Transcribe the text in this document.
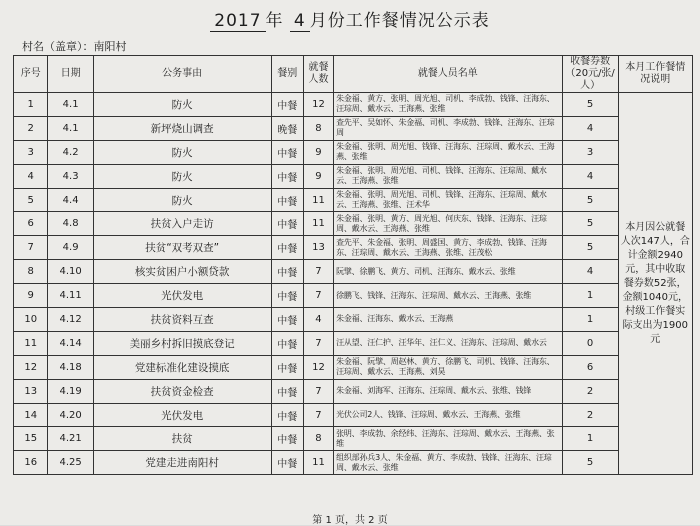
2017 年 4 月份工作餐情况公示表
村名（盖章）：南阳村
序号	日期	公务事由	餐别	就餐人数	就餐人员名单	收餐券数（20元/张/人）	本月工作餐情况说明
1	4.1	防火	中餐	12	朱金福、黄方、张明、周光旭、司机、李成勃、钱锋、汪海东、汪琮周、戴水云、王海燕、张维	5	本月因公就餐人次147人，合计金额2940元，其中收取餐券数52张，金额1040元，村级工作餐实际支出为1900元
2	4.1	新坪烧山调查	晚餐	8	查先平、吴如怀、朱金福、司机、李成勃、钱锋、汪海东、汪琮周	4	
3	4.2	防火	中餐	9	朱金福、张明、周光旭、钱锋、汪海东、汪琮周、戴水云、王海燕、张维	3	
4	4.3	防火	中餐	9	朱金福、张明、周光旭、司机、钱锋、汪海东、汪琮周、戴水云、王海燕、张维	4	
5	4.4	防火	中餐	11	朱金福、张明、周光旭、司机、钱锋、汪海东、汪琮周、戴水云、王海燕、张维、汪术华	5	
6	4.8	扶贫入户走访	中餐	11	朱金福、张明、黄方、周光旭、何庆东、钱锋、汪海东、汪琮周、戴水云、王海燕、张维	5	
7	4.9	扶贫“双考双查”	中餐	13	查先平、朱金福、张明、周盛国、黄方、李成勃、钱锋、汪海东、汪琮周、戴水云、王海燕、张维、汪茂松	5	
8	4.10	核实贫困户小额贷款	中餐	7	阮擘、徐鹏飞、黄方、司机、汪海东、戴水云、张维	4	
9	4.11	光伏发电	中餐	7	徐鹏飞、钱锋、汪海东、汪琮周、戴水云、王海燕、张维	1	
10	4.12	扶贫资料互查	中餐	4	朱金福、汪海东、戴水云、王海燕	1	
11	4.14	美丽乡村拆旧摸底登记	中餐	7	汪从望、汪仁护、汪华年、汪仁义、汪海东、汪琮周、戴水云	0	
12	4.18	党建标准化建设摸底	中餐	12	朱金福、阮擘、周赵林、黄方、徐鹏飞、司机、钱锋、汪海东、汪琮周、戴水云、王海燕、刘昊	6	
13	4.19	扶贫资金检查	中餐	7	朱金福、刘海军、汪海东、汪琮周、戴水云、张维、钱锋	2	
14	4.20	光伏发电	中餐	7	光伏公司2人、钱锋、汪琮周、戴水云、王海燕、张维	2	
15	4.21	扶贫	中餐	8	张明、李成勃、余经纬、汪海东、汪琮周、戴水云、王海燕、张维	1	
16	4.25	党建走进南阳村	中餐	11	组织部孙兵3人、朱金福、黄方、李成勃、钱锋、汪海东、汪琮周、戴水云、张维	5	
第 1 页，共 2 页
